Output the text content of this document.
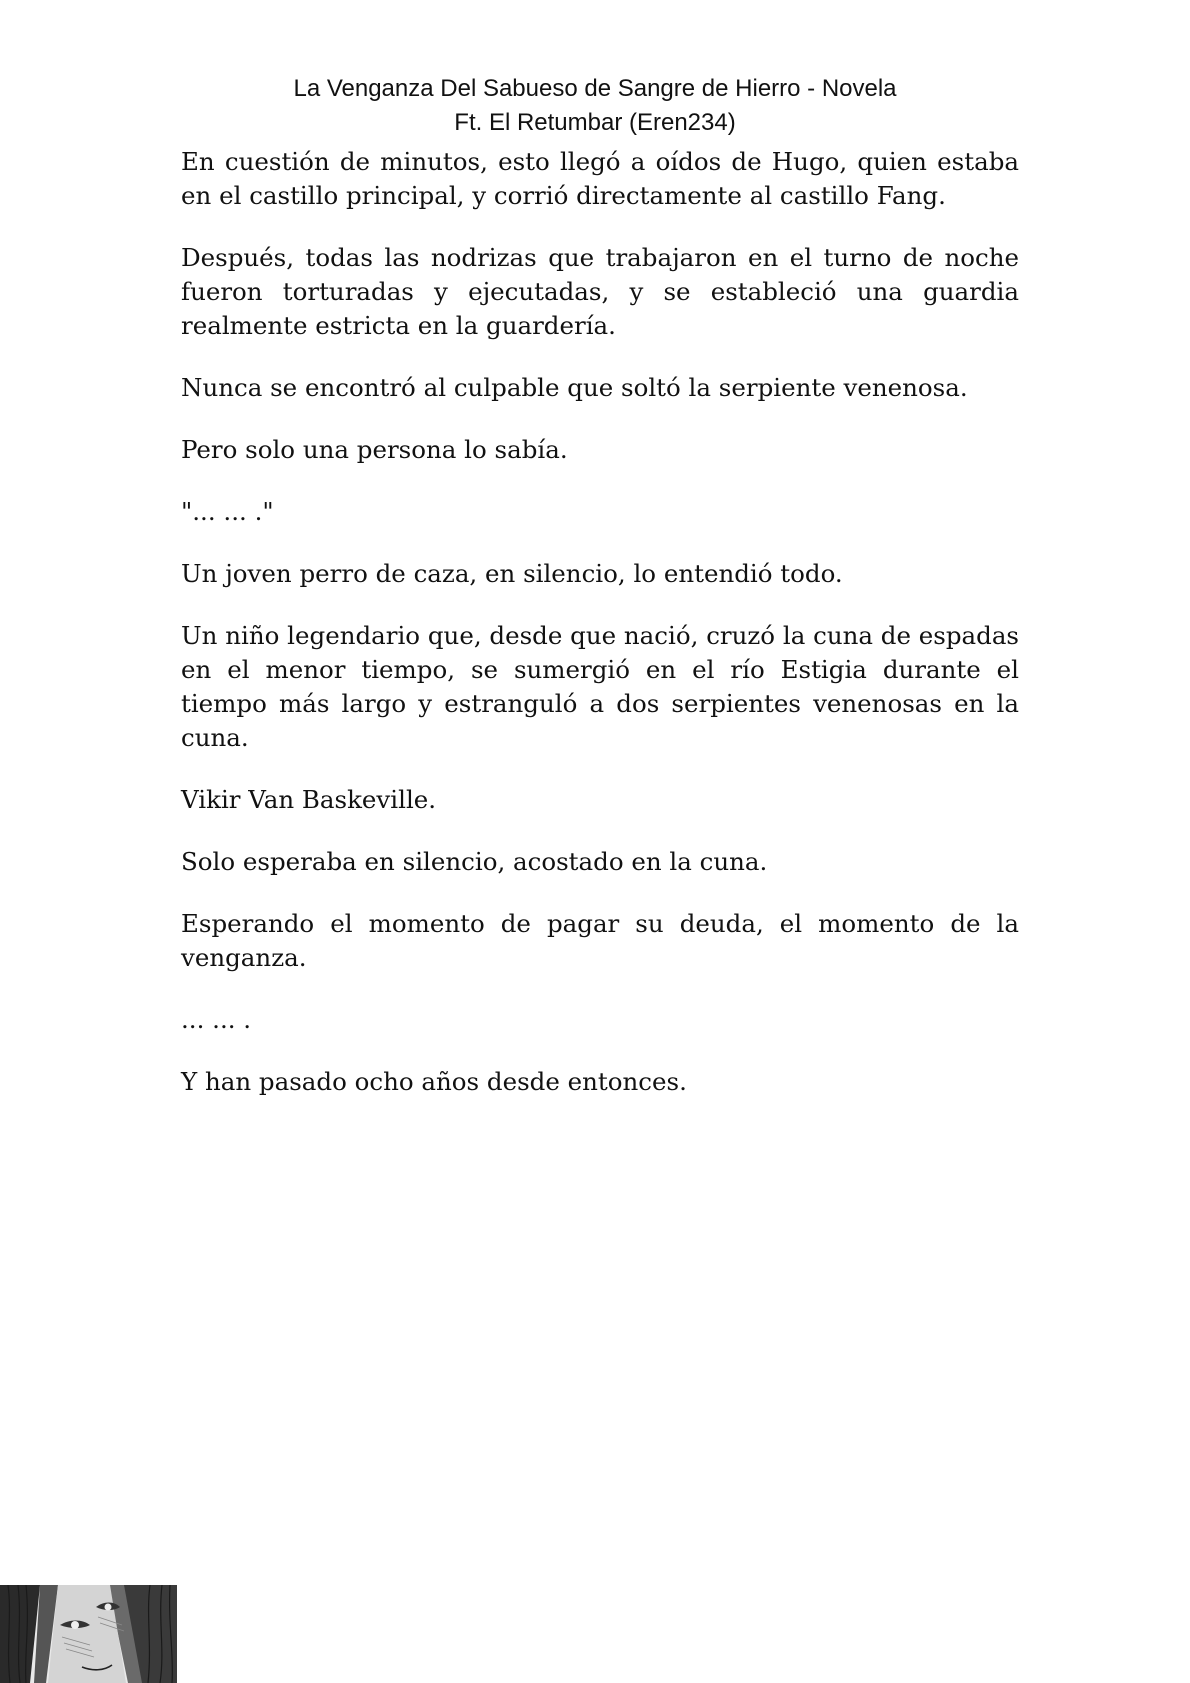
La Venganza Del Sabueso de Sangre de Hierro - Novela
Ft. El Retumbar (Eren234)

En cuestión de minutos, esto llegó a oídos de Hugo, quien estaba en el castillo principal, y corrió directamente al castillo Fang.

Después, todas las nodrizas que trabajaron en el turno de noche fueron torturadas y ejecutadas, y se estableció una guardia realmente estricta en la guardería.

Nunca se encontró al culpable que soltó la serpiente venenosa.

Pero solo una persona lo sabía.

"... ... ."

Un joven perro de caza, en silencio, lo entendió todo.

Un niño legendario que, desde que nació, cruzó la cuna de espadas en el menor tiempo, se sumergió en el río Estigia durante el tiempo más largo y estranguló a dos serpientes venenosas en la cuna.

Vikir Van Baskeville.

Solo esperaba en silencio, acostado en la cuna.

Esperando el momento de pagar su deuda, el momento de la venganza.

... ... .

Y han pasado ocho años desde entonces.
